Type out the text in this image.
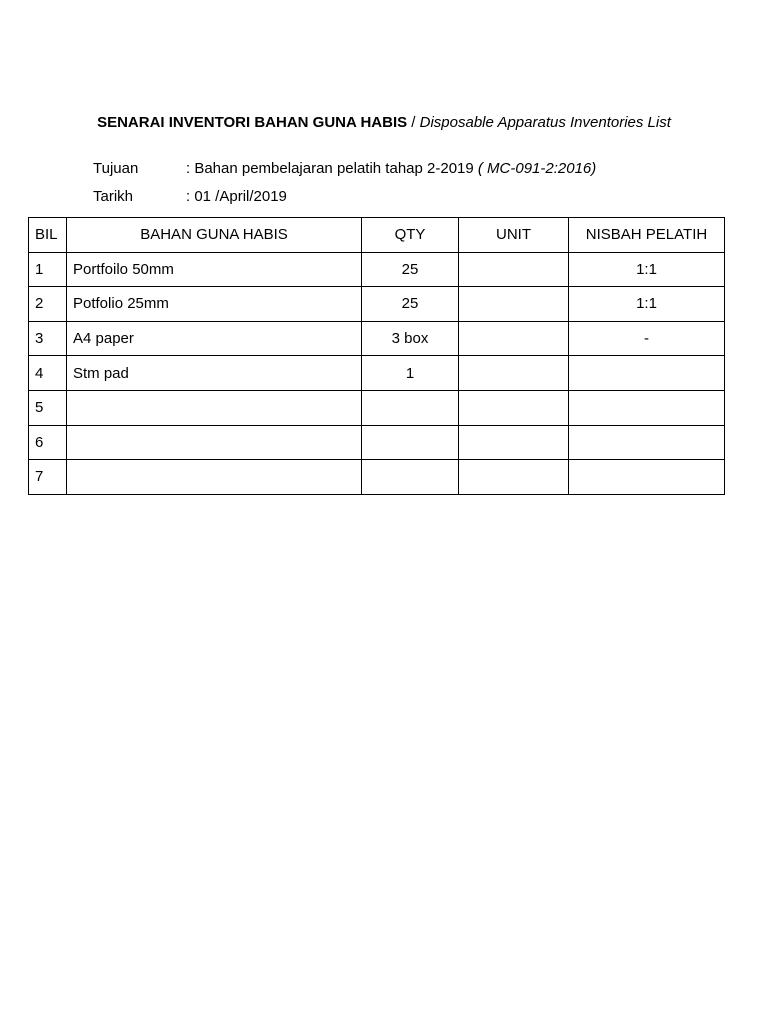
SENARAI INVENTORI BAHAN GUNA HABIS / Disposable Apparatus Inventories List
Tujuan	: Bahan pembelajaran pelatih tahap 2-2019 ( MC-091-2:2016)
Tarikh	: 01 /April/2019
BIL	BAHAN GUNA HABIS	QTY	UNIT	NISBAH PELATIH
1	Portfoilo 50mm	25		1:1
2	Potfolio 25mm	25		1:1
3	A4 paper	3 box		-
4	Stm pad	1		
5				
6				
7				
